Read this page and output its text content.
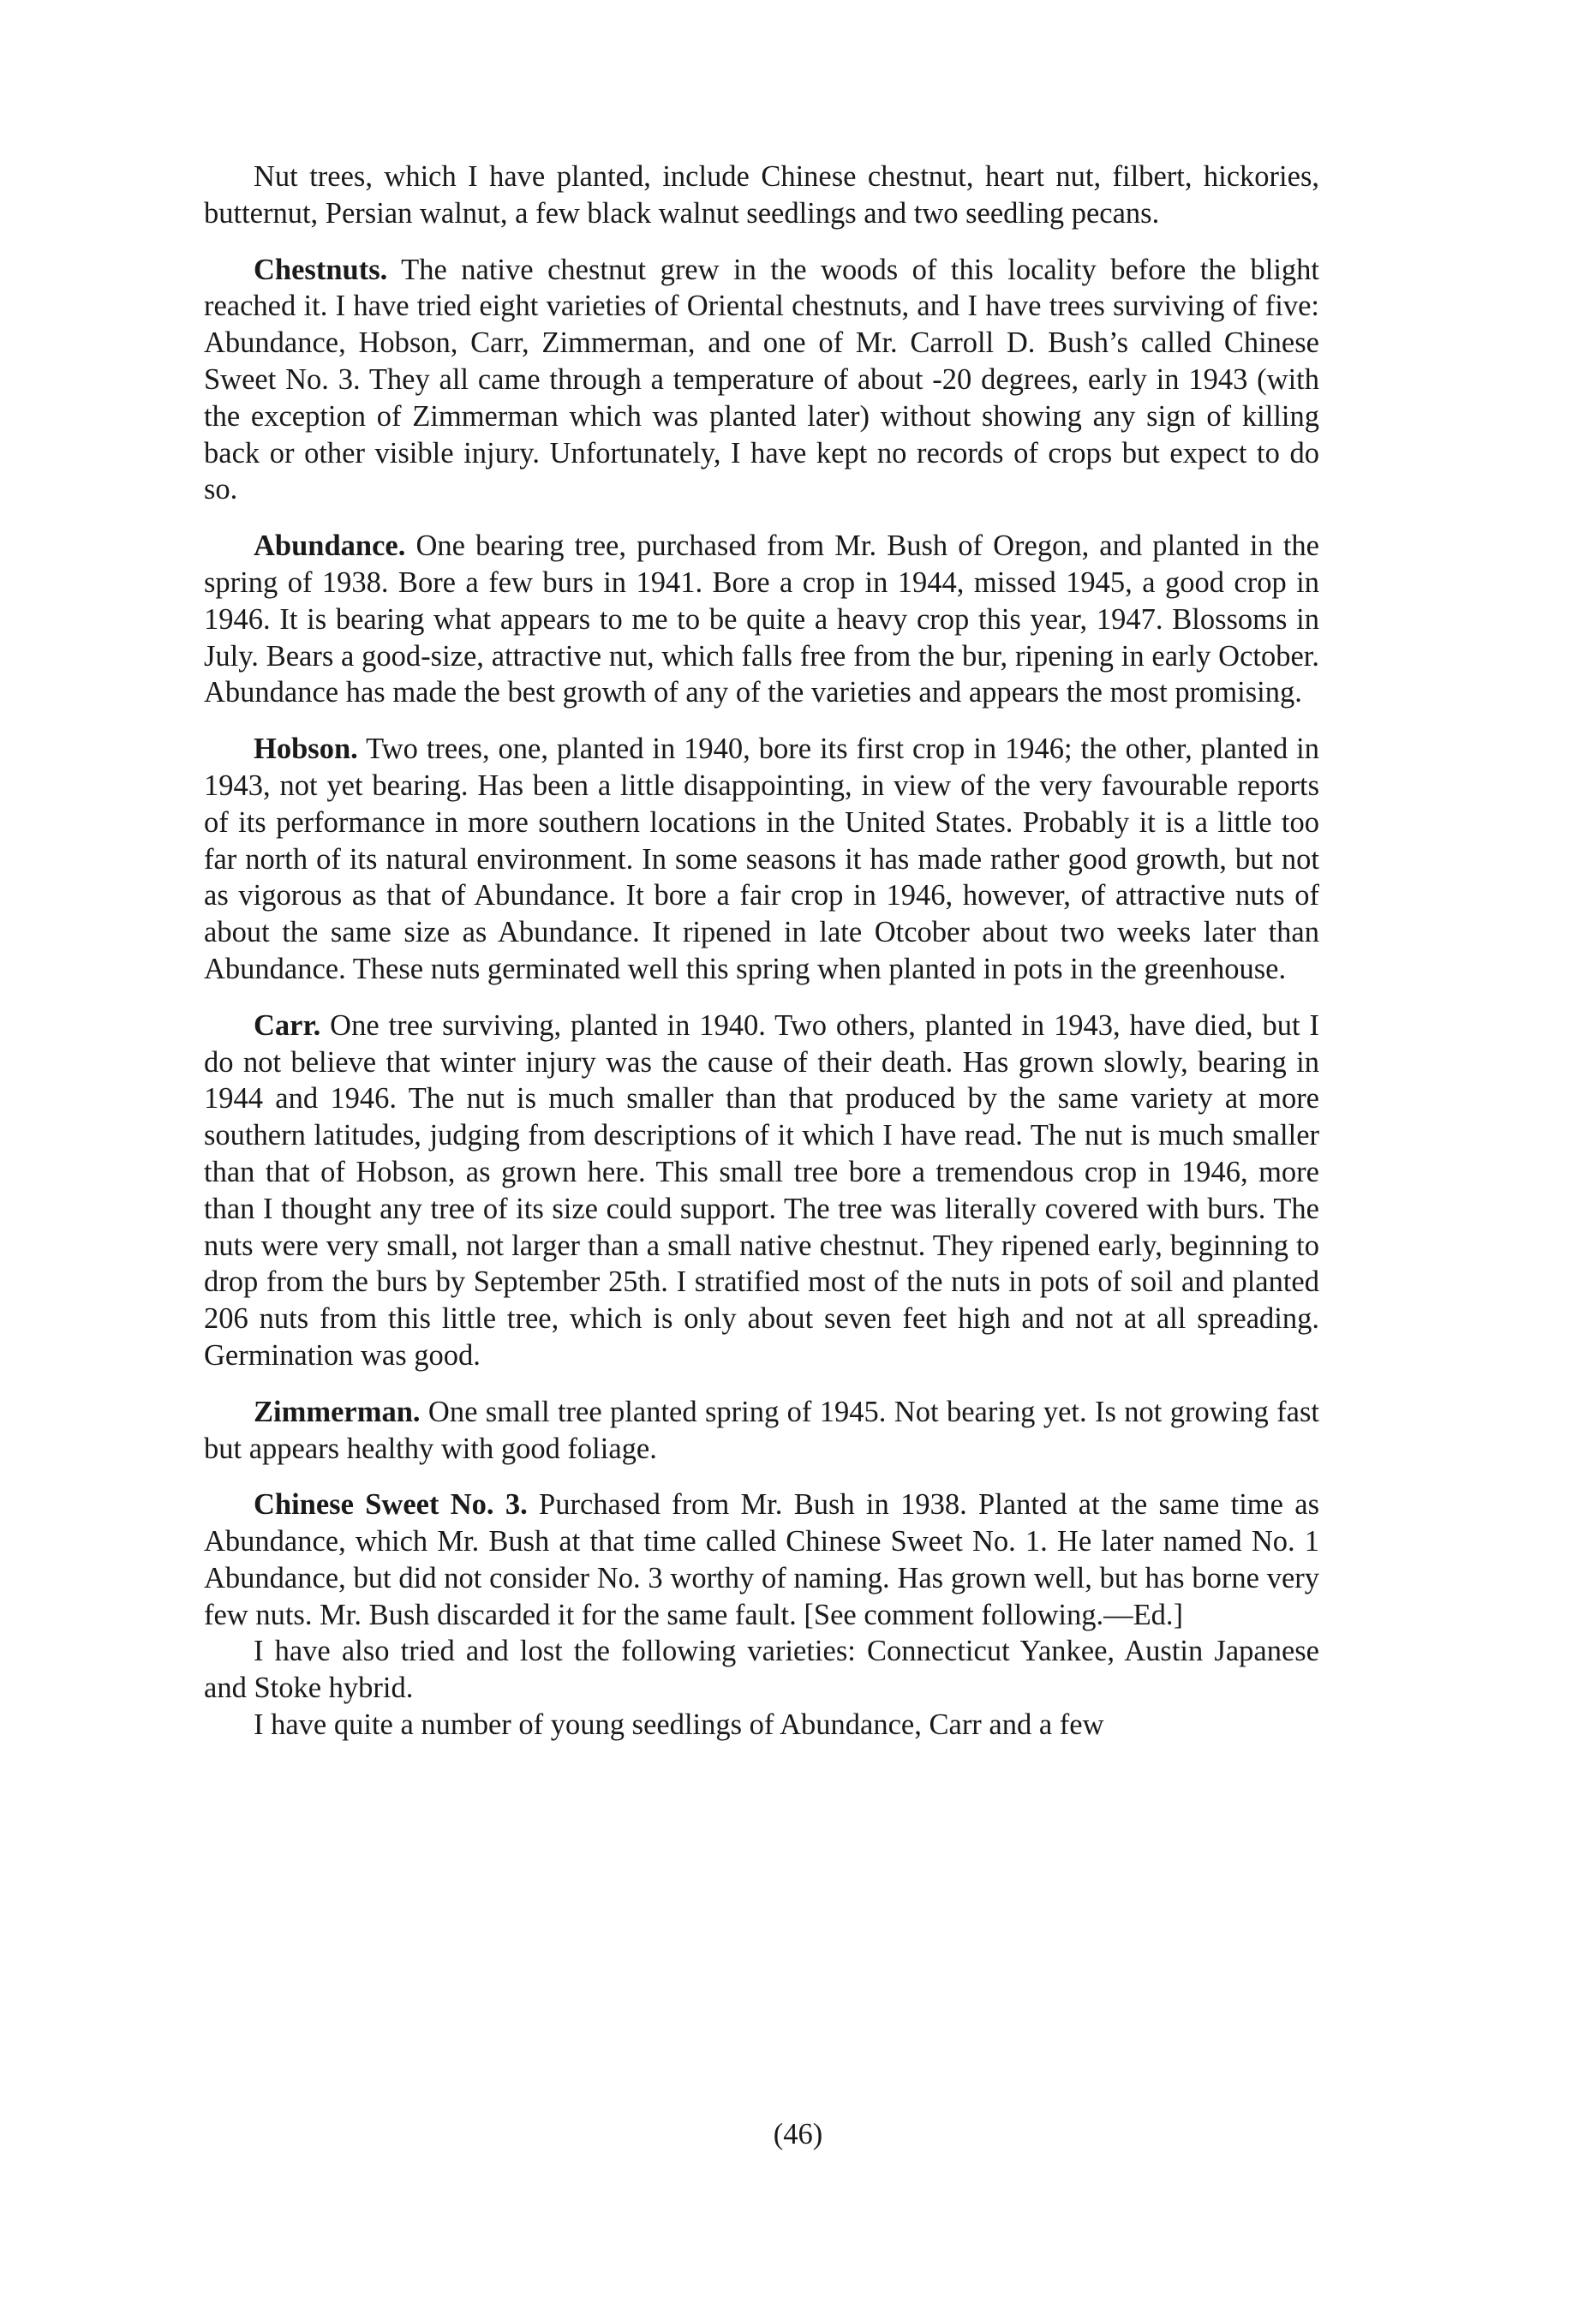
Nut trees, which I have planted, include Chinese chestnut, heart nut, filbert, hickories, butternut, Persian walnut, a few black walnut seedlings and two seedling pecans.

Chestnuts. The native chestnut grew in the woods of this locality before the blight reached it. I have tried eight varieties of Oriental chestnuts, and I have trees surviving of five: Abundance, Hobson, Carr, Zimmerman, and one of Mr. Carroll D. Bush’s called Chinese Sweet No. 3. They all came through a temperature of about -20 degrees, early in 1943 (with the exception of Zimmerman which was planted later) without showing any sign of killing back or other visible injury. Unfortunately, I have kept no records of crops but expect to do so.

Abundance. One bearing tree, purchased from Mr. Bush of Oregon, and planted in the spring of 1938. Bore a few burs in 1941. Bore a crop in 1944, missed 1945, a good crop in 1946. It is bearing what appears to me to be quite a heavy crop this year, 1947. Blossoms in July. Bears a good-size, attractive nut, which falls free from the bur, ripening in early October. Abundance has made the best growth of any of the varieties and appears the most promising.

Hobson. Two trees, one, planted in 1940, bore its first crop in 1946; the other, planted in 1943, not yet bearing. Has been a little disappointing, in view of the very favourable reports of its performance in more southern locations in the United States. Probably it is a little too far north of its natural environment. In some seasons it has made rather good growth, but not as vigorous as that of Abundance. It bore a fair crop in 1946, however, of attractive nuts of about the same size as Abundance. It ripened in late Otcober about two weeks later than Abundance. These nuts germinated well this spring when planted in pots in the greenhouse.

Carr. One tree surviving, planted in 1940. Two others, planted in 1943, have died, but I do not believe that winter injury was the cause of their death. Has grown slowly, bearing in 1944 and 1946. The nut is much smaller than that produced by the same variety at more southern latitudes, judging from descriptions of it which I have read. The nut is much smaller than that of Hobson, as grown here. This small tree bore a tremendous crop in 1946, more than I thought any tree of its size could support. The tree was literally covered with burs. The nuts were very small, not larger than a small native chestnut. They ripened early, beginning to drop from the burs by September 25th. I stratified most of the nuts in pots of soil and planted 206 nuts from this little tree, which is only about seven feet high and not at all spreading. Germination was good.

Zimmerman. One small tree planted spring of 1945. Not bearing yet. Is not growing fast but appears healthy with good foliage.

Chinese Sweet No. 3. Purchased from Mr. Bush in 1938. Planted at the same time as Abundance, which Mr. Bush at that time called Chinese Sweet No. 1. He later named No. 1 Abundance, but did not consider No. 3 worthy of naming. Has grown well, but has borne very few nuts. Mr. Bush discarded it for the same fault. [See comment following.—Ed.]

I have also tried and lost the following varieties: Connecticut Yankee, Austin Japanese and Stoke hybrid.

I have quite a number of young seedlings of Abundance, Carr and a few

(46)
